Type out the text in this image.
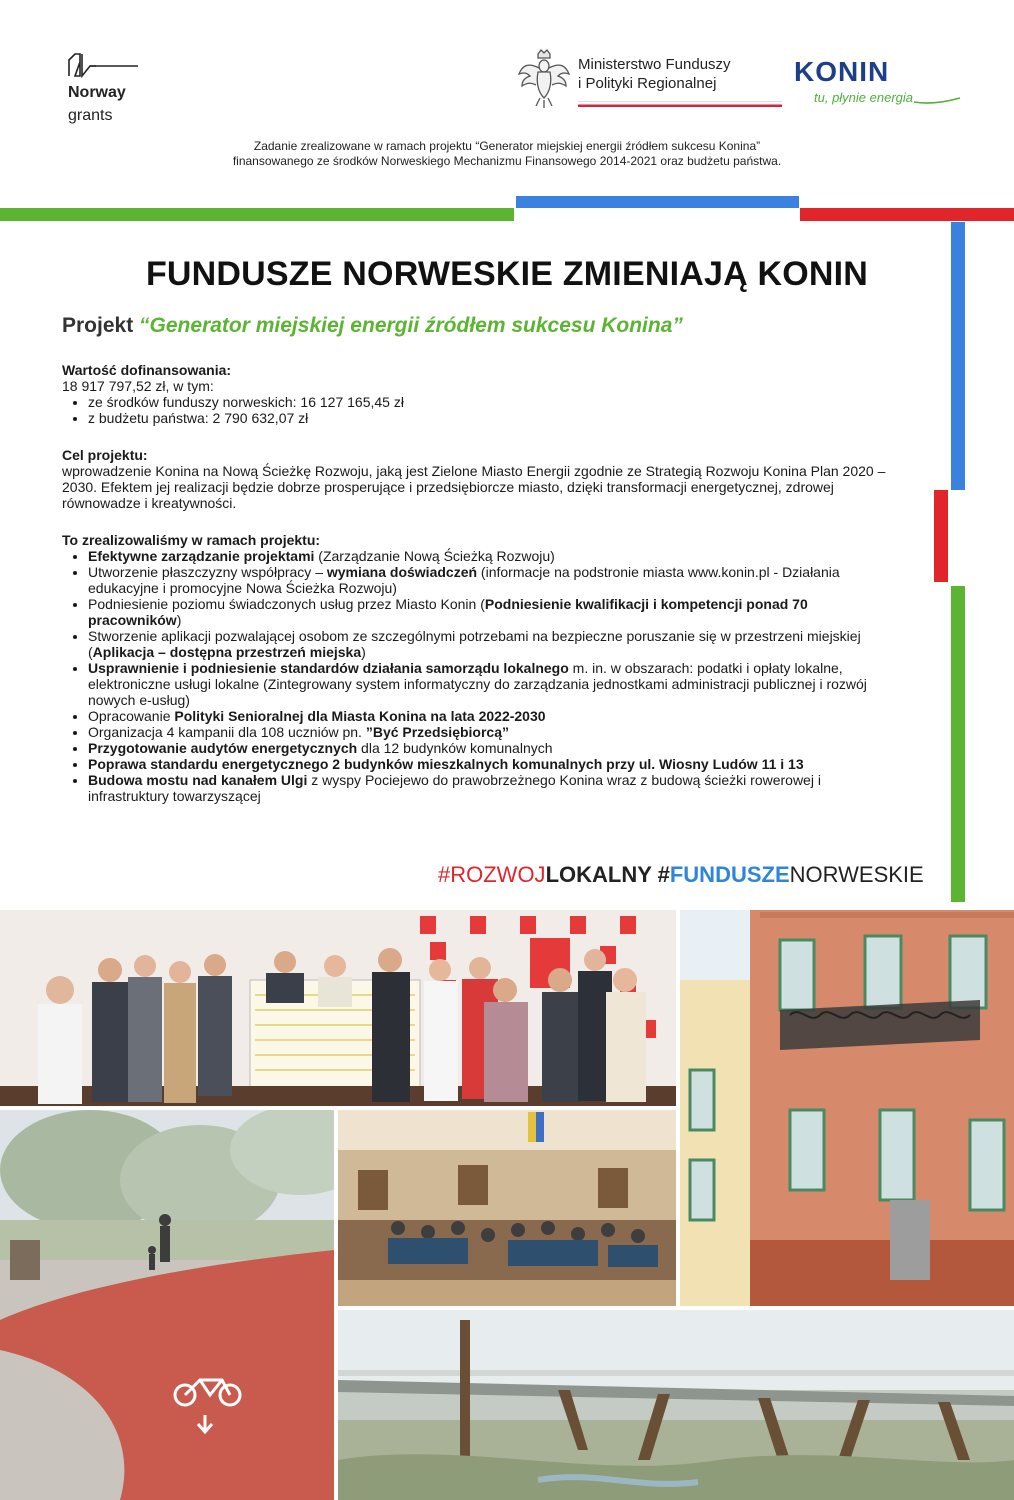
Norway
grants
Ministerstwo Funduszy
i Polityki Regionalnej	KONIN
tu, płynie energia
Zadanie zrealizowane w ramach projektu “Generator miejskiej energii źródłem sukcesu Konina”
finansowanego ze środków Norweskiego Mechanizmu Finansowego 2014-2021 oraz budżetu państwa.
FUNDUSZE NORWESKIE ZMIENIAJĄ KONIN
Projekt “Generator miejskiej energii źródłem sukcesu Konina”
Wartość dofinansowania:
18 917 797,52 zł, w tym:
• ze środków funduszy norweskich: 16 127 165,45 zł
• z budżetu państwa: 2 790 632,07 zł
Cel projektu:
wprowadzenie Konina na Nową Ścieżkę Rozwoju, jaką jest Zielone Miasto Energii zgodnie ze Strategią Rozwoju Konina Plan 2020 – 2030. Efektem jej realizacji będzie dobrze prosperujące i przedsiębiorcze miasto, dzięki transformacji energetycznej, zdrowej równowadze i kreatywności.
To zrealizowaliśmy w ramach projektu:
• Efektywne zarządzanie projektami (Zarządzanie Nową Ścieżką Rozwoju)
• Utworzenie płaszczyzny współpracy – wymiana doświadczeń (informacje na podstronie miasta www.konin.pl - Działania edukacyjne i promocyjne Nowa Ścieżka Rozwoju)
• Podniesienie poziomu świadczonych usług przez Miasto Konin (Podniesienie kwalifikacji i kompetencji ponad 70 pracowników)
• Stworzenie aplikacji pozwalającej osobom ze szczególnymi potrzebami na bezpieczne poruszanie się w przestrzeni miejskiej (Aplikacja – dostępna przestrzeń miejska)
• Usprawnienie i podniesienie standardów działania samorządu lokalnego m. in. w obszarach: podatki i opłaty lokalne, elektroniczne usługi lokalne (Zintegrowany system informatyczny do zarządzania jednostkami administracji publicznej i rozwój nowych e-usług)
• Opracowanie Polityki Senioralnej dla Miasta Konina na lata 2022-2030
• Organizacja 4 kampanii dla 108 uczniów pn. ”Być Przedsiębiorcą”
• Przygotowanie audytów energetycznych dla 12 budynków komunalnych
• Poprawa standardu energetycznego 2 budynków mieszkalnych komunalnych przy ul. Wiosny Ludów 11 i 13
• Budowa mostu nad kanałem Ulgi z wyspy Pociejewo do prawobrzeżnego Konina wraz z budową ścieżki rowerowej i infrastruktury towarzyszącej
#ROZWOJLOKALNY #FUNDUSZENORWESKIE
